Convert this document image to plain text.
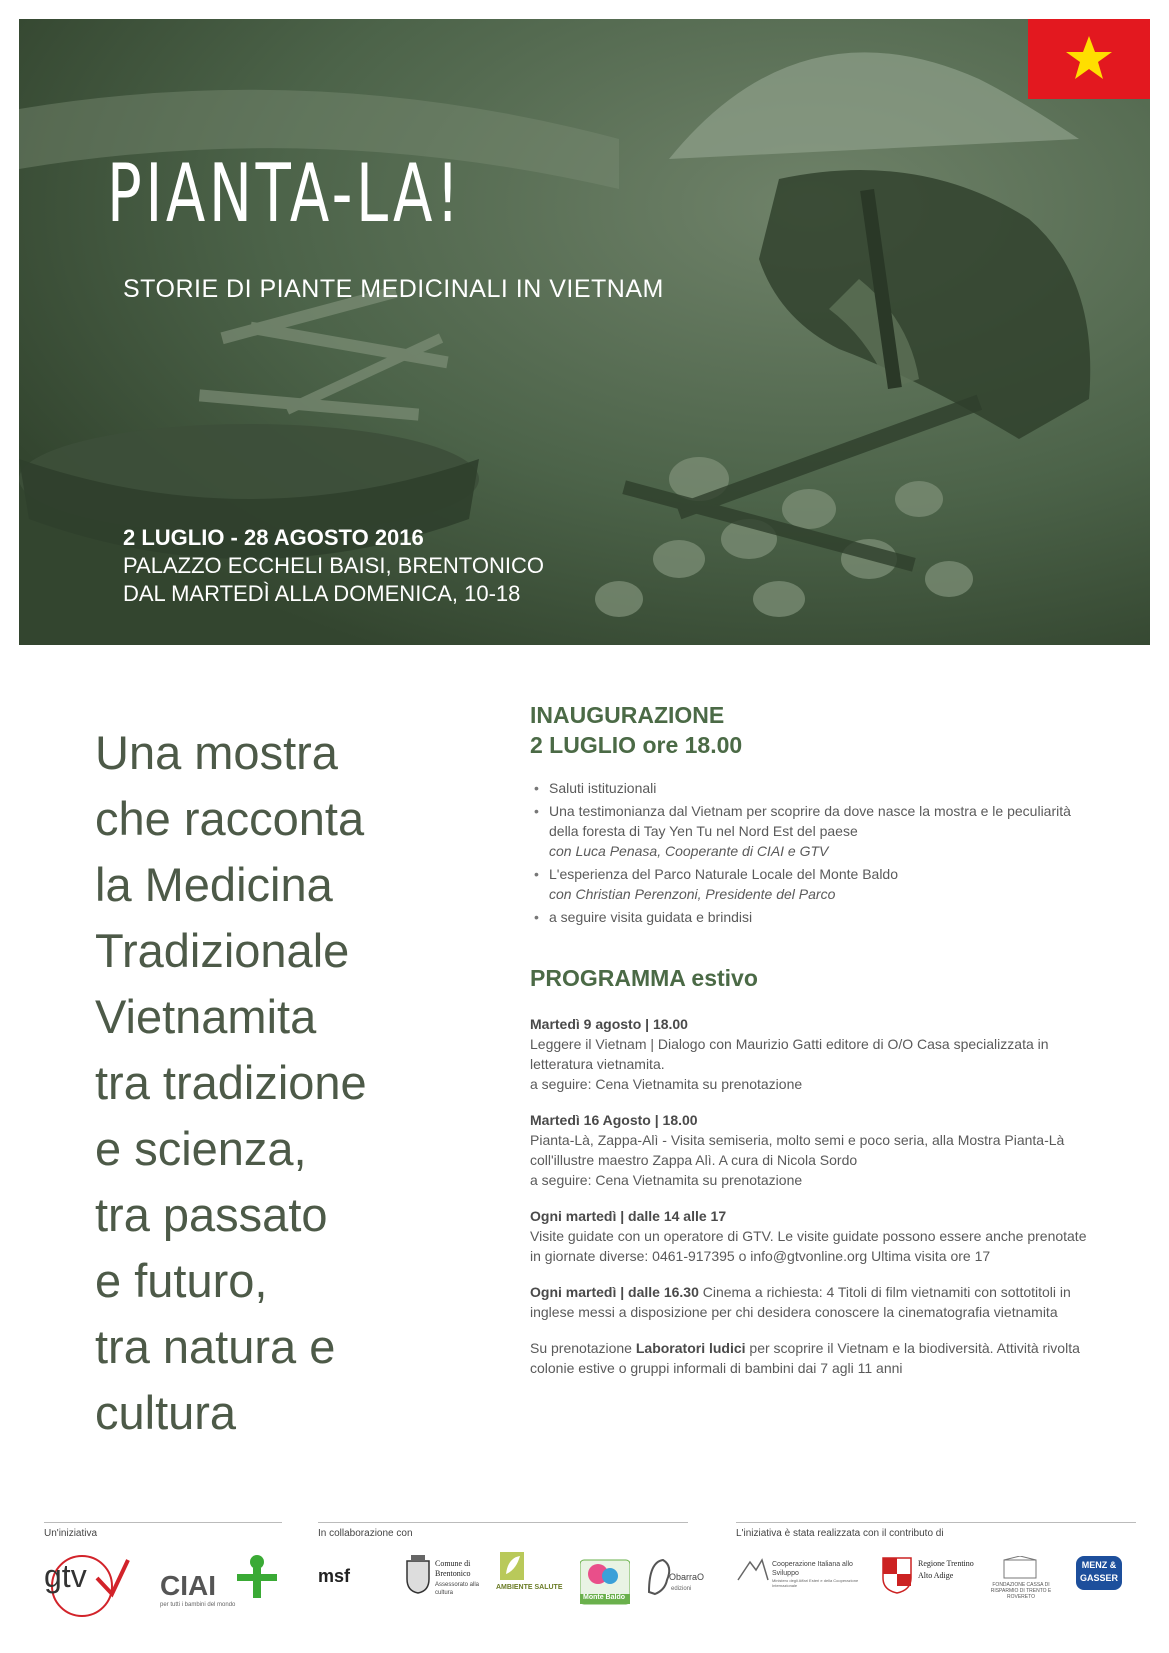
PIANTA-LA!
STORIE DI PIANTE MEDICINALI IN VIETNAM
2 LUGLIO - 28 AGOSTO 2016
PALAZZO ECCHELI BAISI, BRENTONICO
DAL MARTEDÌ ALLA DOMENICA, 10-18
Una mostra
che racconta
la Medicina
Tradizionale
Vietnamita
tra tradizione
e scienza,
tra passato
e futuro,
tra natura e
cultura
INAUGURAZIONE
2 LUGLIO ore 18.00
• Saluti istituzionali
• Una testimonianza dal Vietnam per scoprire da dove nasce la mostra e le peculiarità della foresta di Tay Yen Tu nel Nord Est del paese
con Luca Penasa, Cooperante di CIAI e GTV
• L'esperienza del Parco Naturale Locale del Monte Baldo
con Christian Perenzoni, Presidente del Parco
• a seguire visita guidata e brindisi
PROGRAMMA estivo
Martedì 9 agosto | 18.00
Leggere il Vietnam | Dialogo con Maurizio Gatti editore di O/O Casa specializzata in letteratura vietnamita.
a seguire: Cena Vietnamita su prenotazione
Martedì 16 Agosto | 18.00
Pianta-Là, Zappa-Alì - Visita semiseria, molto semi e poco seria, alla Mostra Pianta-Là coll'illustre maestro Zappa Alì. A cura di Nicola Sordo
a seguire: Cena Vietnamita su prenotazione
Ogni martedì | dalle 14 alle 17
Visite guidate con un operatore di GTV. Le visite guidate possono essere anche prenotate in giornate diverse: 0461-917395 o info@gtvonline.org Ultima visita ore 17
Ogni martedì | dalle 16.30 Cinema a richiesta: 4 Titoli di film vietnamiti con sottotitoli in inglese messi a disposizione per chi desidera conoscere la cinematografia vietnamita
Su prenotazione Laboratori ludici per scoprire il Vietnam e la biodiversità. Attività rivolta colonie estive o gruppi informali di bambini dai 7 agli 11 anni
Un'iniziativa	In collaborazione con	L'iniziativa è stata realizzata con il contributo di
gtv	CIAI
per tutti i bambini del mondo
msf
Comune di Brentonico
Assessorato alla cultura
AMBIENTE SALUTE
Monte Baldo
ObarraO
edizioni
Cooperazione Italiana allo Sviluppo
Ministero degli Affari Esteri e della Cooperazione Internazionale
Regione Trentino Alto Adige
FONDAZIONE CASSA DI RISPARMIO DI TRENTO E ROVERETO
MENZ & GASSER
